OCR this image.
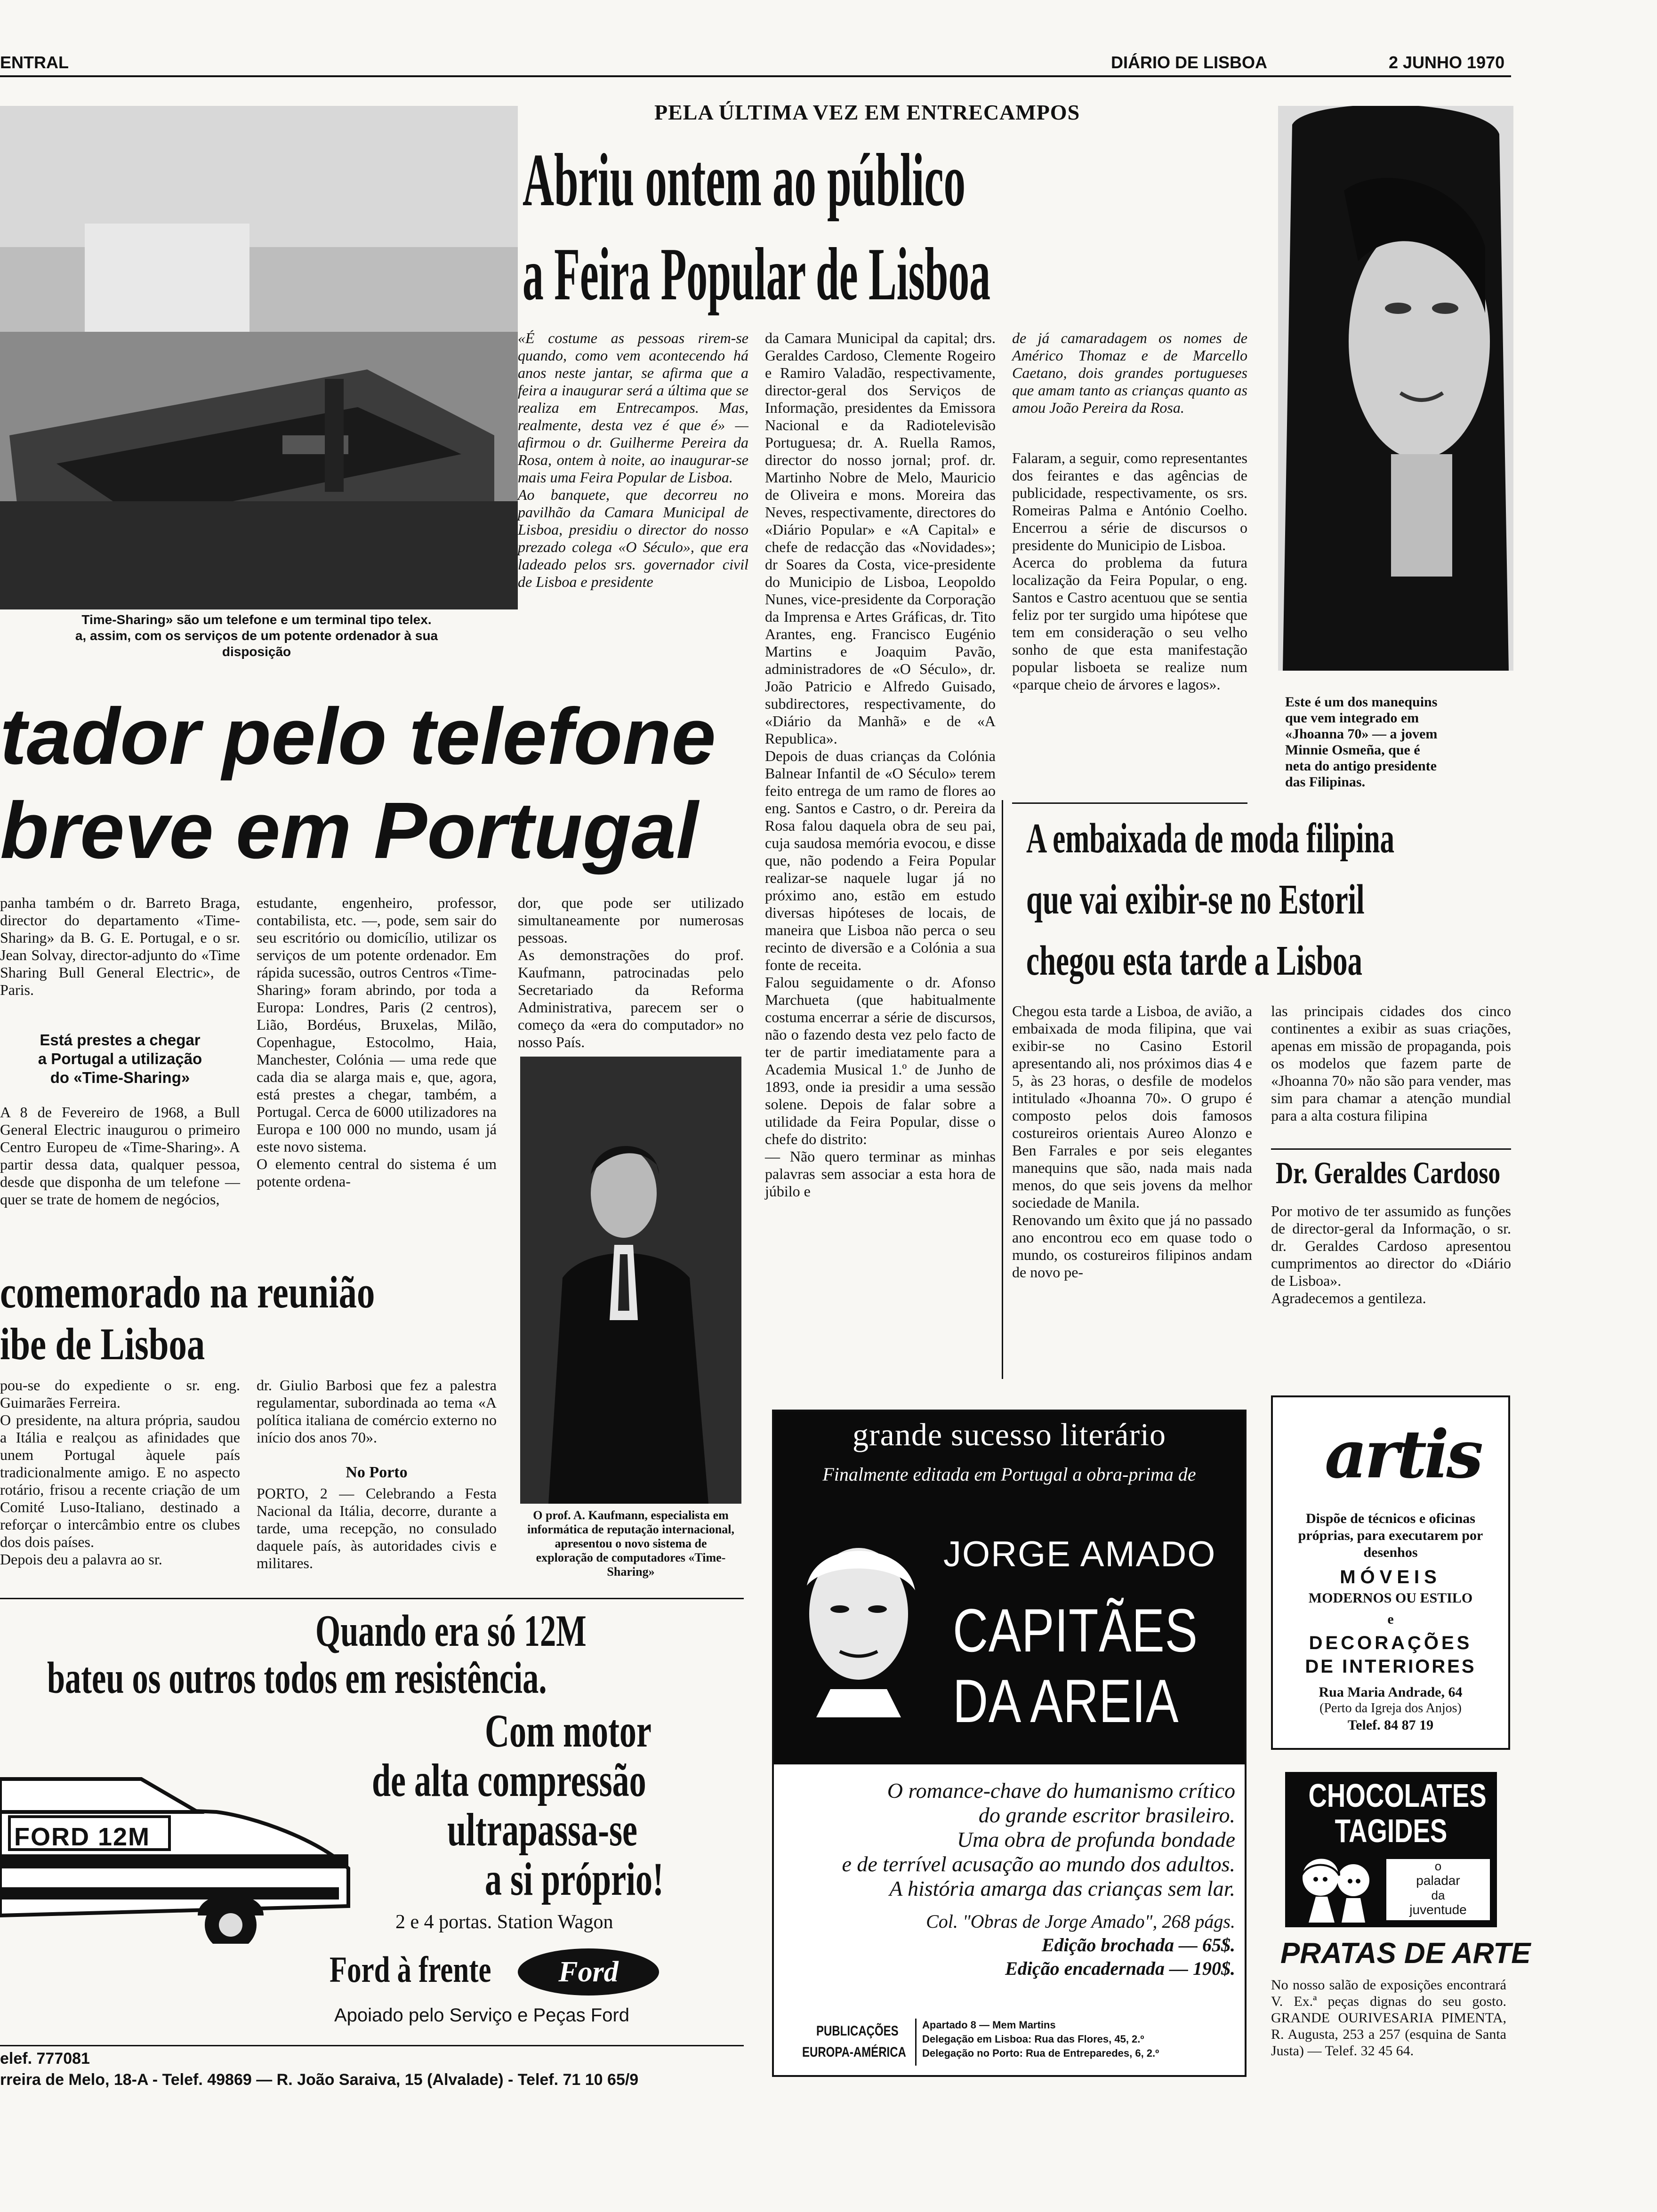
ENTRAL	DIÁRIO DE LISBOA	2 JUNHO 1970
Time-Sharing» são um telefone e um terminal tipo telex.
a, assim, com os serviços de um potente ordenador à sua
disposição
PELA ÚLTIMA VEZ EM ENTRECAMPOS
Abriu ontem ao público
a Feira Popular de Lisboa
«É costume as pessoas rirem-se quando, como vem acontecendo há anos neste jantar, se afirma que a feira a inaugurar será a última que se realiza em Entrecampos. Mas, realmente, desta vez é que é» — afirmou o dr. Guilherme Pereira da Rosa, ontem à noite, ao inaugurar-se mais uma Feira Popular de Lisboa.
Ao banquete, que decorreu no pavilhão da Camara Municipal de Lisboa, presidiu o director do nosso prezado colega «O Século», que era ladeado pelos srs. governador civil de Lisboa e presidente
da Camara Municipal da capital; drs. Geraldes Cardoso, Clemente Rogeiro e Ramiro Valadão, respectivamente, director-geral dos Serviços de Informação, presidentes da Emissora Nacional e da Radiotelevisão Portuguesa; dr. A. Ruella Ramos, director do nosso jornal; prof. dr. Martinho Nobre de Melo, Mauricio de Oliveira e mons. Moreira das Neves, respectivamente, directores do «Diário Popular» e «A Capital» e chefe de redacção das «Novidades»; dr Soares da Costa, vice-presidente do Municipio de Lisboa, Leopoldo Nunes, vice-presidente da Corporação da Imprensa e Artes Gráficas, dr. Tito Arantes, eng. Francisco Eugénio Martins e Joaquim Pavão, administradores de «O Século», dr. João Patricio e Alfredo Guisado, subdirectores, respectivamente, do «Diário da Manhã» e de «A Republica».
Depois de duas crianças da Colónia Balnear Infantil de «O Século» terem feito entrega de um ramo de flores ao eng. Santos e Castro, o dr. Pereira da Rosa falou daquela obra de seu pai, cuja saudosa memória evocou, e disse que, não podendo a Feira Popular realizar-se naquele lugar já no próximo ano, estão em estudo diversas hipóteses de locais, de maneira que Lisboa não perca o seu recinto de diversão e a Colónia a sua fonte de receita.
Falou seguidamente o dr. Afonso Marchueta (que habitualmente costuma encerrar a série de discursos, não o fazendo desta vez pelo facto de ter de partir imediatamente para a Academia Musical 1.º de Junho de 1893, onde ia presidir a uma sessão solene. Depois de falar sobre a utilidade da Feira Popular, disse o chefe do distrito:
— Não quero terminar as minhas palavras sem associar a esta hora de júbilo e
de já camaradagem os nomes de Américo Thomaz e de Marcello Caetano, dois grandes portugueses que amam tanto as crianças quanto as amou João Pereira da Rosa.
Falaram, a seguir, como representantes dos feirantes e das agências de publicidade, respectivamente, os srs. Romeiras Palma e António Coelho. Encerrou a série de discursos o presidente do Municipio de Lisboa.
Acerca do problema da futura localização da Feira Popular, o eng. Santos e Castro acentuou que se sentia feliz por ter surgido uma hipótese que tem em consideração o seu velho sonho de que esta manifestação popular lisboeta se realize num «parque cheio de árvores e lagos».
Este é um dos manequins
que vem integrado em
«Jhoanna 70» — a jovem
Minnie Osmeña, que é
neta do antigo presidente
das Filipinas.
tador pelo telefone
breve em Portugal
panha também o dr. Barreto Braga, director do departamento «Time-Sharing» da B. G. E. Portugal, e o sr. Jean Solvay, director-adjunto do «Time Sharing Bull General Electric», de Paris.
Está prestes a chegar
a Portugal a utilização
do «Time-Sharing»
A 8 de Fevereiro de 1968, a Bull General Electric inaugurou o primeiro Centro Europeu de «Time-Sharing». A partir dessa data, qualquer pessoa, desde que disponha de um telefone — quer se trate de homem de negócios,
estudante, engenheiro, professor, contabilista, etc. —, pode, sem sair do seu escritório ou domicílio, utilizar os serviços de um potente ordenador. Em rápida sucessão, outros Centros «Time-Sharing» foram abrindo, por toda a Europa: Londres, Paris (2 centros), Lião, Bordéus, Bruxelas, Milão, Copenhague, Estocolmo, Haia, Manchester, Colónia — uma rede que cada dia se alarga mais e, que, agora, está prestes a chegar, também, a Portugal. Cerca de 6000 utilizadores na Europa e 100 000 no mundo, usam já este novo sistema.
O elemento central do sistema é um potente ordena-
dor, que pode ser utilizado simultaneamente por numerosas pessoas.
As demonstrações do prof. Kaufmann, patrocinadas pelo Secretariado da Reforma Administrativa, parecem ser o começo da «era do computador» no nosso País.
O prof. A. Kaufmann, especialista em informática de reputação internacional, apresentou o novo sistema de exploração de computadores «Time-Sharing»
comemorado na reunião
ibe de Lisboa
pou-se do expediente o sr. eng. Guimarães Ferreira.
O presidente, na altura própria, saudou a Itália e realçou as afinidades que unem Portugal àquele país tradicionalmente amigo. E no aspecto rotário, frisou a recente criação de um Comité Luso-Italiano, destinado a reforçar o intercâmbio entre os clubes dos dois países.
Depois deu a palavra ao sr.
dr. Giulio Barbosi que fez a palestra regulamentar, subordinada ao tema «A política italiana de comércio externo no início dos anos 70».
No Porto
PORTO, 2 — Celebrando a Festa Nacional da Itália, decorre, durante a tarde, uma recepção, no consulado daquele país, às autoridades civis e militares.
A embaixada de moda filipina
que vai exibir-se no Estoril
chegou esta tarde a Lisboa
Chegou esta tarde a Lisboa, de avião, a embaixada de moda filipina, que vai exibir-se no Casino Estoril apresentando ali, nos próximos dias 4 e 5, às 23 horas, o desfile de modelos intitulado «Jhoanna 70». O grupo é composto pelos dois famosos costureiros orientais Aureo Alonzo e Ben Farrales e por seis elegantes manequins que são, nada mais nada menos, do que seis jovens da melhor sociedade de Manila.
Renovando um êxito que já no passado ano encontrou eco em quase todo o mundo, os costureiros filipinos andam de novo pe-
las principais cidades dos cinco continentes a exibir as suas criações, apenas em missão de propaganda, pois os modelos que fazem parte de «Jhoanna 70» não são para vender, mas sim para chamar a atenção mundial para a alta costura filipina
Dr. Geraldes Cardoso
Por motivo de ter assumido as funções de director-geral da Informação, o sr. dr. Geraldes Cardoso apresentou cumprimentos ao director do «Diário de Lisboa».
Agradecemos a gentileza.
Quando era só 12M
bateu os outros todos em resistência.
Com motor
de alta compressão
ultrapassa-se
a si próprio!
FORD 12M
2 e 4 portas. Station Wagon
Ford à frente	Ford
Apoiado pelo Serviço e Peças Ford
elef. 777081
rreira de Melo, 18-A - Telef. 49869 — R. João Saraiva, 15 (Alvalade) - Telef. 71 10 65/9
grande sucesso literário
Finalmente editada em Portugal a obra-prima de
JORGE AMADO
CAPITÃES
DA AREIA
O romance-chave do humanismo crítico
do grande escritor brasileiro.
Uma obra de profunda bondade
e de terrível acusação ao mundo dos adultos.
A história amarga das crianças sem lar.
Col. "Obras de Jorge Amado", 268 págs.
Edição brochada — 65$.
Edição encadernada — 190$.
PUBLICAÇÕES
EUROPA-AMÉRICA
Apartado 8 — Mem Martins
Delegação em Lisboa: Rua das Flores, 45, 2.º
Delegação no Porto: Rua de Entreparedes, 6, 2.º
artis
Dispõe de técnicos e oficinas próprias, para executarem por desenhos
MÓVEIS
MODERNOS OU ESTILO
e
DECORAÇÕES
DE INTERIORES
Rua Maria Andrade, 64
(Perto da Igreja dos Anjos)
Telef. 84 87 19
CHOCOLATES
TAGIDES
o
paladar
da
juventude
PRATAS DE ARTE
No nosso salão de exposições encontrará V. Ex.ª peças dignas do seu gosto. GRANDE OURIVESARIA PIMENTA, R. Augusta, 253 a 257 (esquina de Santa Justa) — Telef. 32 45 64.
